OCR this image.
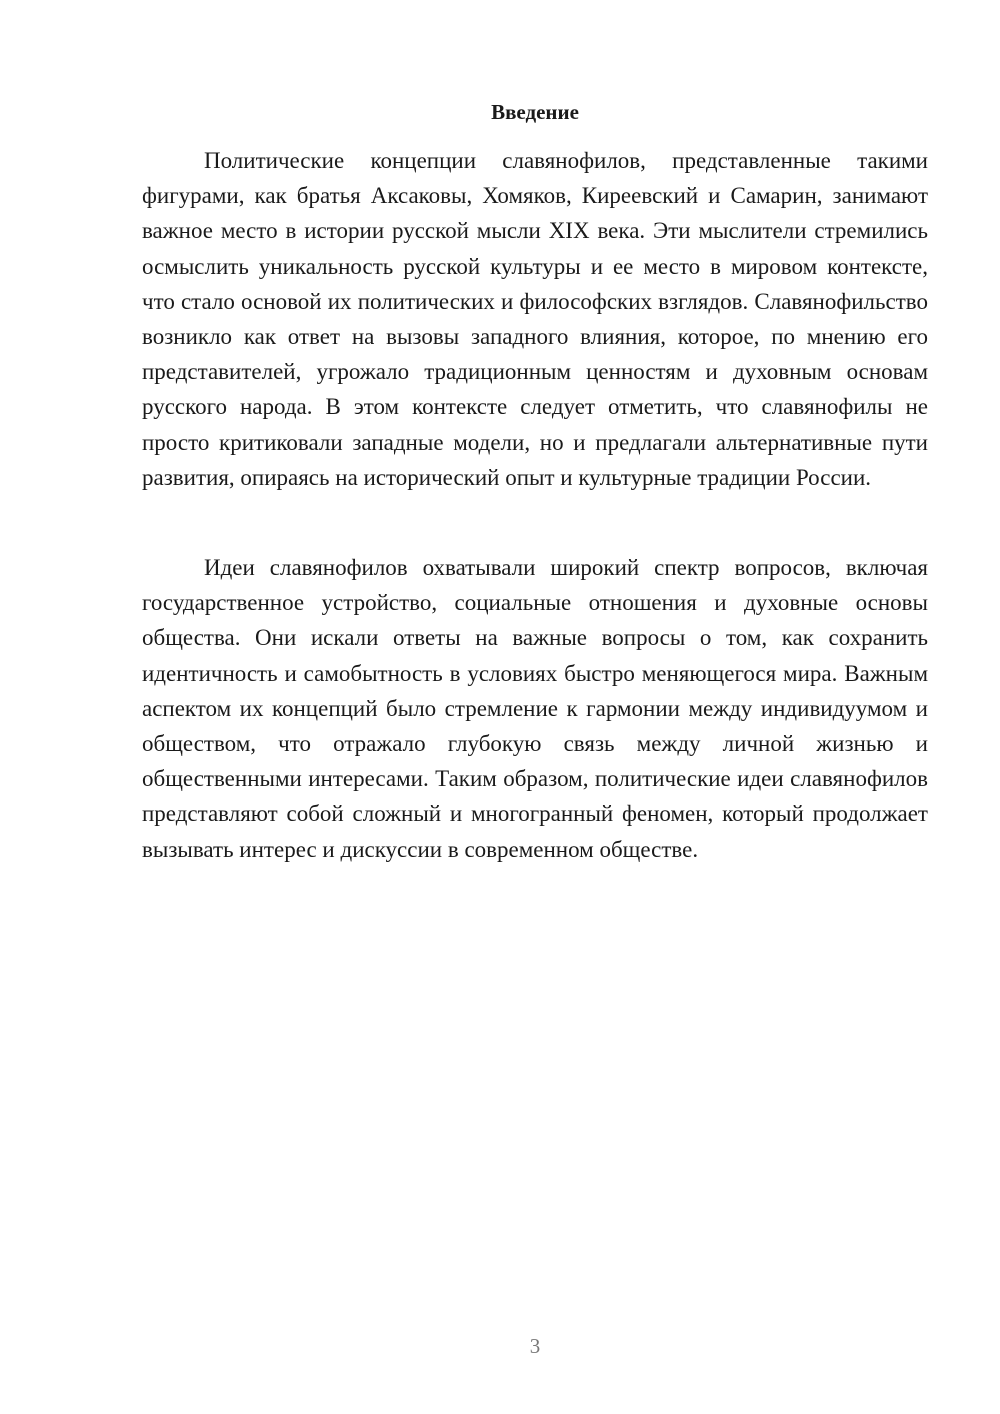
Введение

Политические концепции славянофилов, представленные такими фигурами, как братья Аксаковы, Хомяков, Киреевский и Самарин, занимают важное место в истории русской мысли XIX века. Эти мыслители стремились осмыслить уникальность русской культуры и ее место в мировом контексте, что стало основой их политических и философских взглядов. Славянофильство возникло как ответ на вызовы западного влияния, которое, по мнению его представителей, угрожало традиционным ценностям и духовным основам русского народа. В этом контексте следует отметить, что славянофилы не просто критиковали западные модели, но и предлагали альтернативные пути развития, опираясь на исторический опыт и культурные традиции России.

Идеи славянофилов охватывали широкий спектр вопросов, включая государственное устройство, социальные отношения и духовные основы общества. Они искали ответы на важные вопросы о том, как сохранить идентичность и самобытность в условиях быстро меняющегося мира. Важным аспектом их концепций было стремление к гармонии между индивидуумом и обществом, что отражало глубокую связь между личной жизнью и общественными интересами. Таким образом, политические идеи славянофилов представляют собой сложный и многогранный феномен, который продолжает вызывать интерес и дискуссии в современном обществе.

3
